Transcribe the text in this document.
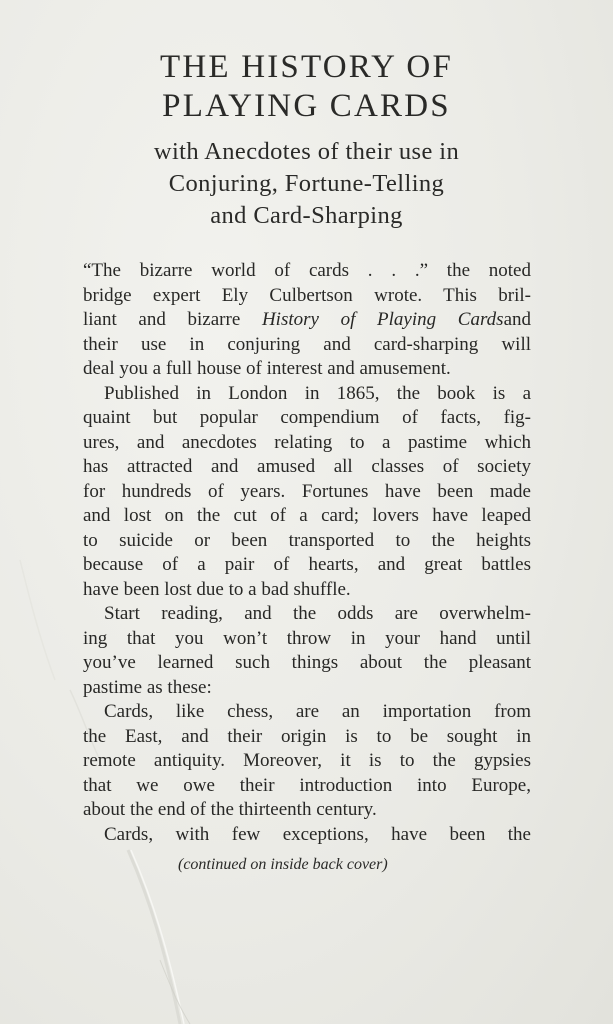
THE HISTORY OF
PLAYING CARDS
with Anecdotes of their use in
Conjuring, Fortune-Telling
and Card-Sharping
“The bizarre world of cards . . .” the noted
bridge expert Ely Culbertson wrote. This bril-
liant and bizarre History of Playing Cardsand
their use in conjuring and card-sharping will
deal you a full house of interest and amusement.
Published in London in 1865, the book is a
quaint but popular compendium of facts, fig-
ures, and anecdotes relating to a pastime which
has attracted and amused all classes of society
for hundreds of years. Fortunes have been made
and lost on the cut of a card; lovers have leaped
to suicide or been transported to the heights
because of a pair of hearts, and great battles
have been lost due to a bad shuffle.
Start reading, and the odds are overwhelm-
ing that you won’t throw in your hand until
you’ve learned such things about the pleasant
pastime as these:
Cards, like chess, are an importation from
the East, and their origin is to be sought in
remote antiquity. Moreover, it is to the gypsies
that we owe their introduction into Europe,
about the end of the thirteenth century.
Cards, with few exceptions, have been the
(continued on inside back cover)
